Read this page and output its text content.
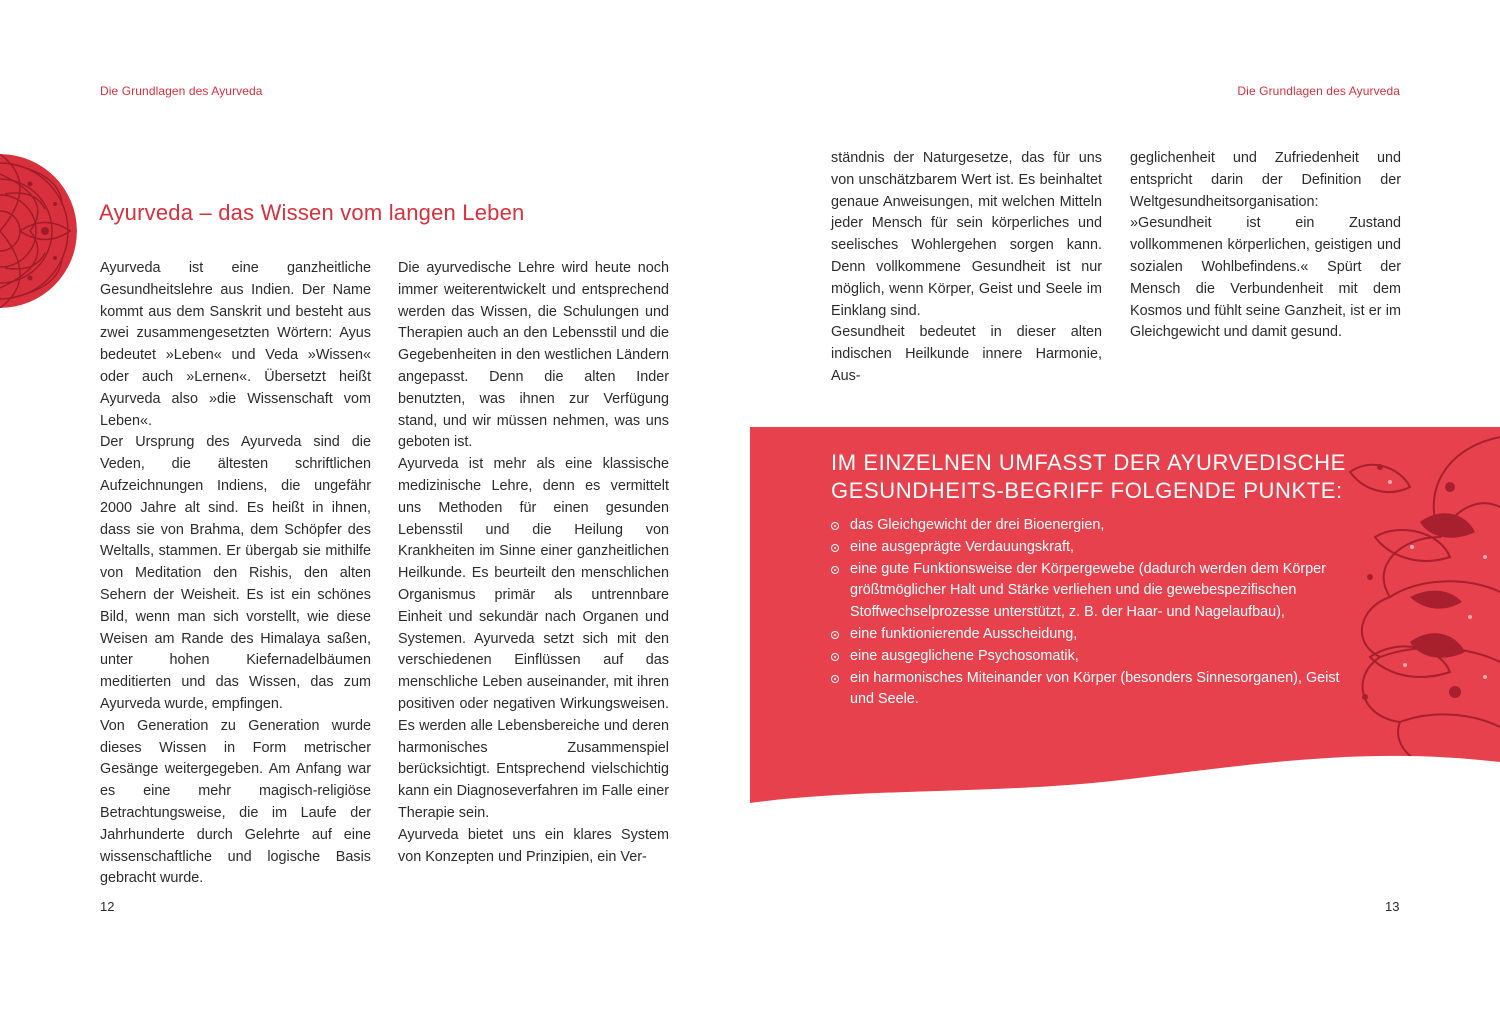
Die Grundlagen des Ayurveda	Die Grundlagen des Ayurveda
Ayurveda – das Wissen vom langen Leben

Ayurveda ist eine ganzheitliche Gesundheitslehre aus Indien. Der Name kommt aus dem Sanskrit und besteht aus zwei zusammengesetzten Wörtern: Ayus bedeutet »Leben« und Veda »Wissen« oder auch »Lernen«. Übersetzt heißt Ayurveda also »die Wissenschaft vom Leben«.

Der Ursprung des Ayurveda sind die Veden, die ältesten schriftlichen Aufzeichnungen Indiens, die ungefähr 2000 Jahre alt sind. Es heißt in ihnen, dass sie von Brahma, dem Schöpfer des Weltalls, stammen. Er übergab sie mithilfe von Meditation den Rishis, den alten Sehern der Weisheit. Es ist ein schönes Bild, wenn man sich vorstellt, wie diese Weisen am Rande des Himalaya saßen, unter hohen Kiefernadelbäumen meditierten und das Wissen, das zum Ayurveda wurde, empfingen.

Von Generation zu Generation wurde dieses Wissen in Form metrischer Gesänge weitergegeben. Am Anfang war es eine mehr magisch-religiöse Betrachtungsweise, die im Laufe der Jahrhunderte durch Gelehrte auf eine wissenschaftliche und logische Basis gebracht wurde.

Die ayurvedische Lehre wird heute noch immer weiterentwickelt und entsprechend werden das Wissen, die Schulungen und Therapien auch an den Lebensstil und die Gegebenheiten in den westlichen Ländern angepasst. Denn die alten Inder benutzten, was ihnen zur Verfügung stand, und wir müssen nehmen, was uns geboten ist.

Ayurveda ist mehr als eine klassische medizinische Lehre, denn es vermittelt uns Methoden für einen gesunden Lebensstil und die Heilung von Krankheiten im Sinne einer ganzheitlichen Heilkunde. Es beurteilt den menschlichen Organismus primär als untrennbare Einheit und sekundär nach Organen und Systemen. Ayurveda setzt sich mit den verschiedenen Einflüssen auf das menschliche Leben auseinander, mit ihren positiven oder negativen Wirkungsweisen. Es werden alle Lebensbereiche und deren harmonisches Zusammenspiel berücksichtigt. Entsprechend vielschichtig kann ein Diagnoseverfahren im Falle einer Therapie sein.

Ayurveda bietet uns ein klares System von Konzepten und Prinzipien, ein Ver-

ständnis der Naturgesetze, das für uns von unschätzbarem Wert ist. Es beinhaltet genaue Anweisungen, mit welchen Mitteln jeder Mensch für sein körperliches und seelisches Wohlergehen sorgen kann. Denn vollkommene Gesundheit ist nur möglich, wenn Körper, Geist und Seele im Einklang sind.

Gesundheit bedeutet in dieser alten indischen Heilkunde innere Harmonie, Aus-

geglichenheit und Zufriedenheit und entspricht darin der Definition der Weltgesundheitsorganisation: »Gesundheit ist ein Zustand vollkommenen körperlichen, geistigen und sozialen Wohlbefindens.« Spürt der Mensch die Verbundenheit mit dem Kosmos und fühlt seine Ganzheit, ist er im Gleichgewicht und damit gesund.

IM EINZELNEN UMFASST DER AYURVEDISCHE
GESUNDHEITS-BEGRIFF FOLGENDE PUNKTE:
das Gleichgewicht der drei Bioenergien,
eine ausgeprägte Verdauungskraft,
eine gute Funktionsweise der Körpergewebe (dadurch werden dem Körper größtmöglicher Halt und Stärke verliehen und die gewebespezifischen Stoffwechselprozesse unterstützt, z. B. der Haar- und Nagelaufbau),
eine funktionierende Ausscheidung,
eine ausgeglichene Psychosomatik,
ein harmonisches Miteinander von Körper (besonders Sinnesorganen), Geist und Seele.
12	13
